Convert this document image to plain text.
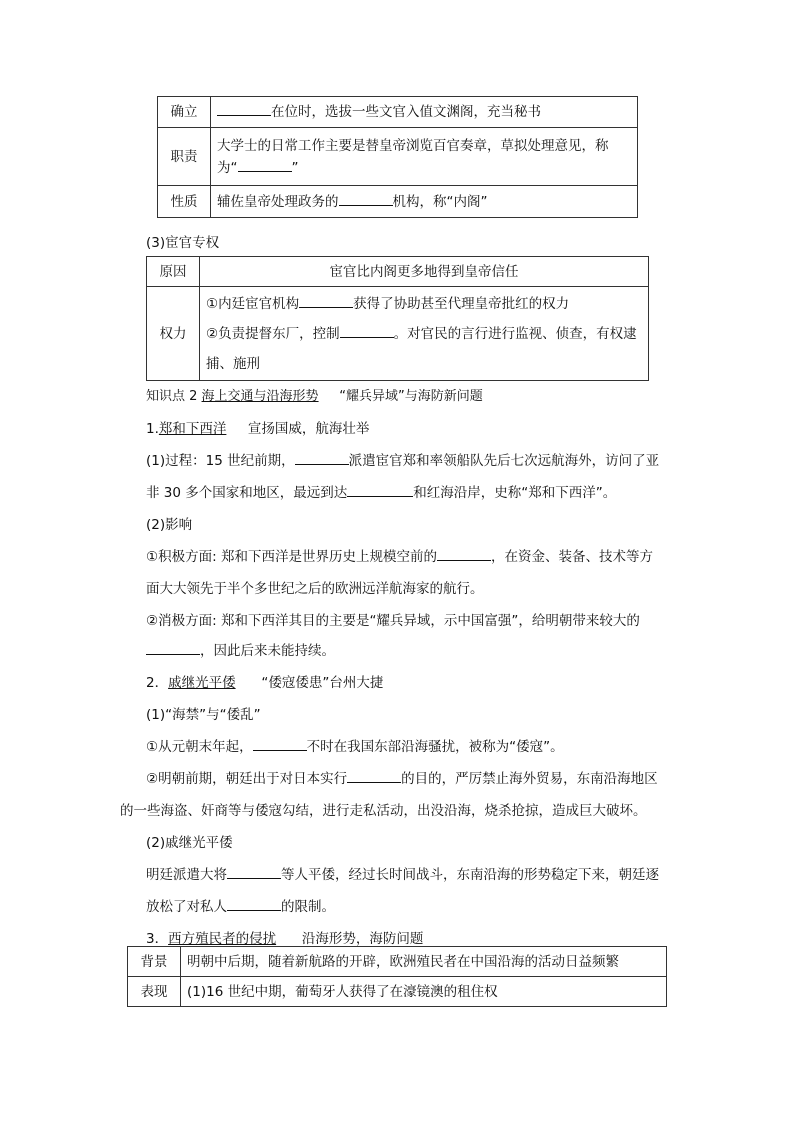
确立	在位时，选拔一些文官入值文渊阁，充当秘书
职责	大学士的日常工作主要是替皇帝浏览百官奏章，草拟处理意见，称
为“ ”

性质	辅佐皇帝处理政务的 机构，称“内阁”
(3)宦官专权
原因	宦官比内阁更多地得到皇帝信任
权力	①内廷宦官机构 获得了协助甚至代理皇帝批红的权力
②负责提督东厂，控制 。对官民的言行进行监视、侦查，有权逮
捕、施刑
知识点 2 海上交通与沿海形势 “耀兵异域”与海防新问题
1.郑和下西洋 宣扬国威，航海壮举
(1)过程：15 世纪前期，	派遣宦官郑和率领船队先后七次远航海外，访问了亚
非 30 多个国家和地区，最远到达	和红海沿岸，史称“郑和下西洋”。
(2)影响
①积极方面: 郑和下西洋是世界历史上规模空前的	，在资金、装备、技术等方
面大大领先于半个多世纪之后的欧洲远洋航海家的航行。
②消极方面: 郑和下西洋其目的主要是“耀兵异域，示中国富强”，给明朝带来较大的
，因此后来未能持续。
2．戚继光平倭 “倭寇倭患”台州大捷
(1)“海禁”与“倭乱”
①从元朝末年起，	不时在我国东部沿海骚扰，被称为“倭寇”。
②明朝前期，朝廷出于对日本实行	的目的，严厉禁止海外贸易，东南沿海地区
的一些海盗、奸商等与倭寇勾结，进行走私活动，出没沿海，烧杀抢掠，造成巨大破坏。
(2)戚继光平倭
明廷派遣大将	等人平倭，经过长时间战斗，东南沿海的形势稳定下来，朝廷逐
放松了对私人	的限制。
3．西方殖民者的侵扰 沿海形势，海防问题
背景	明朝中后期，随着新航路的开辟，欧洲殖民者在中国沿海的活动日益频繁
表现	(1)16 世纪中期，葡萄牙人获得了在濠镜澳的租住权
